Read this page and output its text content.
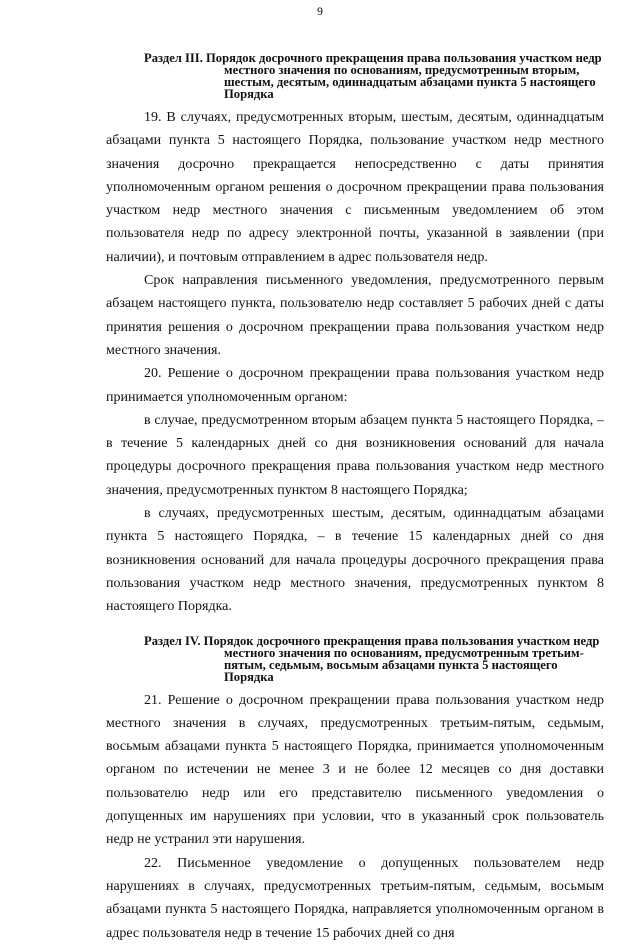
9

Раздел III. Порядок досрочного прекращения права пользования участком недр местного значения по основаниям, предусмотренным вторым, шестым, десятым, одиннадцатым абзацами пункта 5 настоящего Порядка

19. В случаях, предусмотренных вторым, шестым, десятым, одиннадцатым абзацами пункта 5 настоящего Порядка, пользование участком недр местного значения досрочно прекращается непосредственно с даты принятия уполномоченным органом решения о досрочном прекращении права пользования участком недр местного значения с письменным уведомлением об этом пользователя недр по адресу электронной почты, указанной в заявлении (при наличии), и почтовым отправлением в адрес пользователя недр.

Срок направления письменного уведомления, предусмотренного первым абзацем настоящего пункта, пользователю недр составляет 5 рабочих дней с даты принятия решения о досрочном прекращении права пользования участком недр местного значения.

20. Решение о досрочном прекращении права пользования участком недр принимается уполномоченным органом:

в случае, предусмотренном вторым абзацем пункта 5 настоящего Порядка, – в течение 5 календарных дней со дня возникновения оснований для начала процедуры досрочного прекращения права пользования участком недр местного значения, предусмотренных пунктом 8 настоящего Порядка;

в случаях, предусмотренных шестым, десятым, одиннадцатым абзацами пункта 5 настоящего Порядка, – в течение 15 календарных дней со дня возникновения оснований для начала процедуры досрочного прекращения права пользования участком недр местного значения, предусмотренных пунктом 8 настоящего Порядка.

Раздел IV. Порядок досрочного прекращения права пользования участком недр местного значения по основаниям, предусмотренным третьим-пятым, седьмым, восьмым абзацами пункта 5 настоящего Порядка

21. Решение о досрочном прекращении права пользования участком недр местного значения в случаях, предусмотренных третьим-пятым, седьмым, восьмым абзацами пункта 5 настоящего Порядка, принимается уполномоченным органом по истечении не менее 3 и не более 12 месяцев со дня доставки пользователю недр или его представителю письменного уведомления о допущенных им нарушениях при условии, что в указанный срок пользователь недр не устранил эти нарушения.

22. Письменное уведомление о допущенных пользователем недр нарушениях в случаях, предусмотренных третьим-пятым, седьмым, восьмым абзацами пункта 5 настоящего Порядка, направляется уполномоченным органом в адрес пользователя недр в течение 15 рабочих дней со дня
